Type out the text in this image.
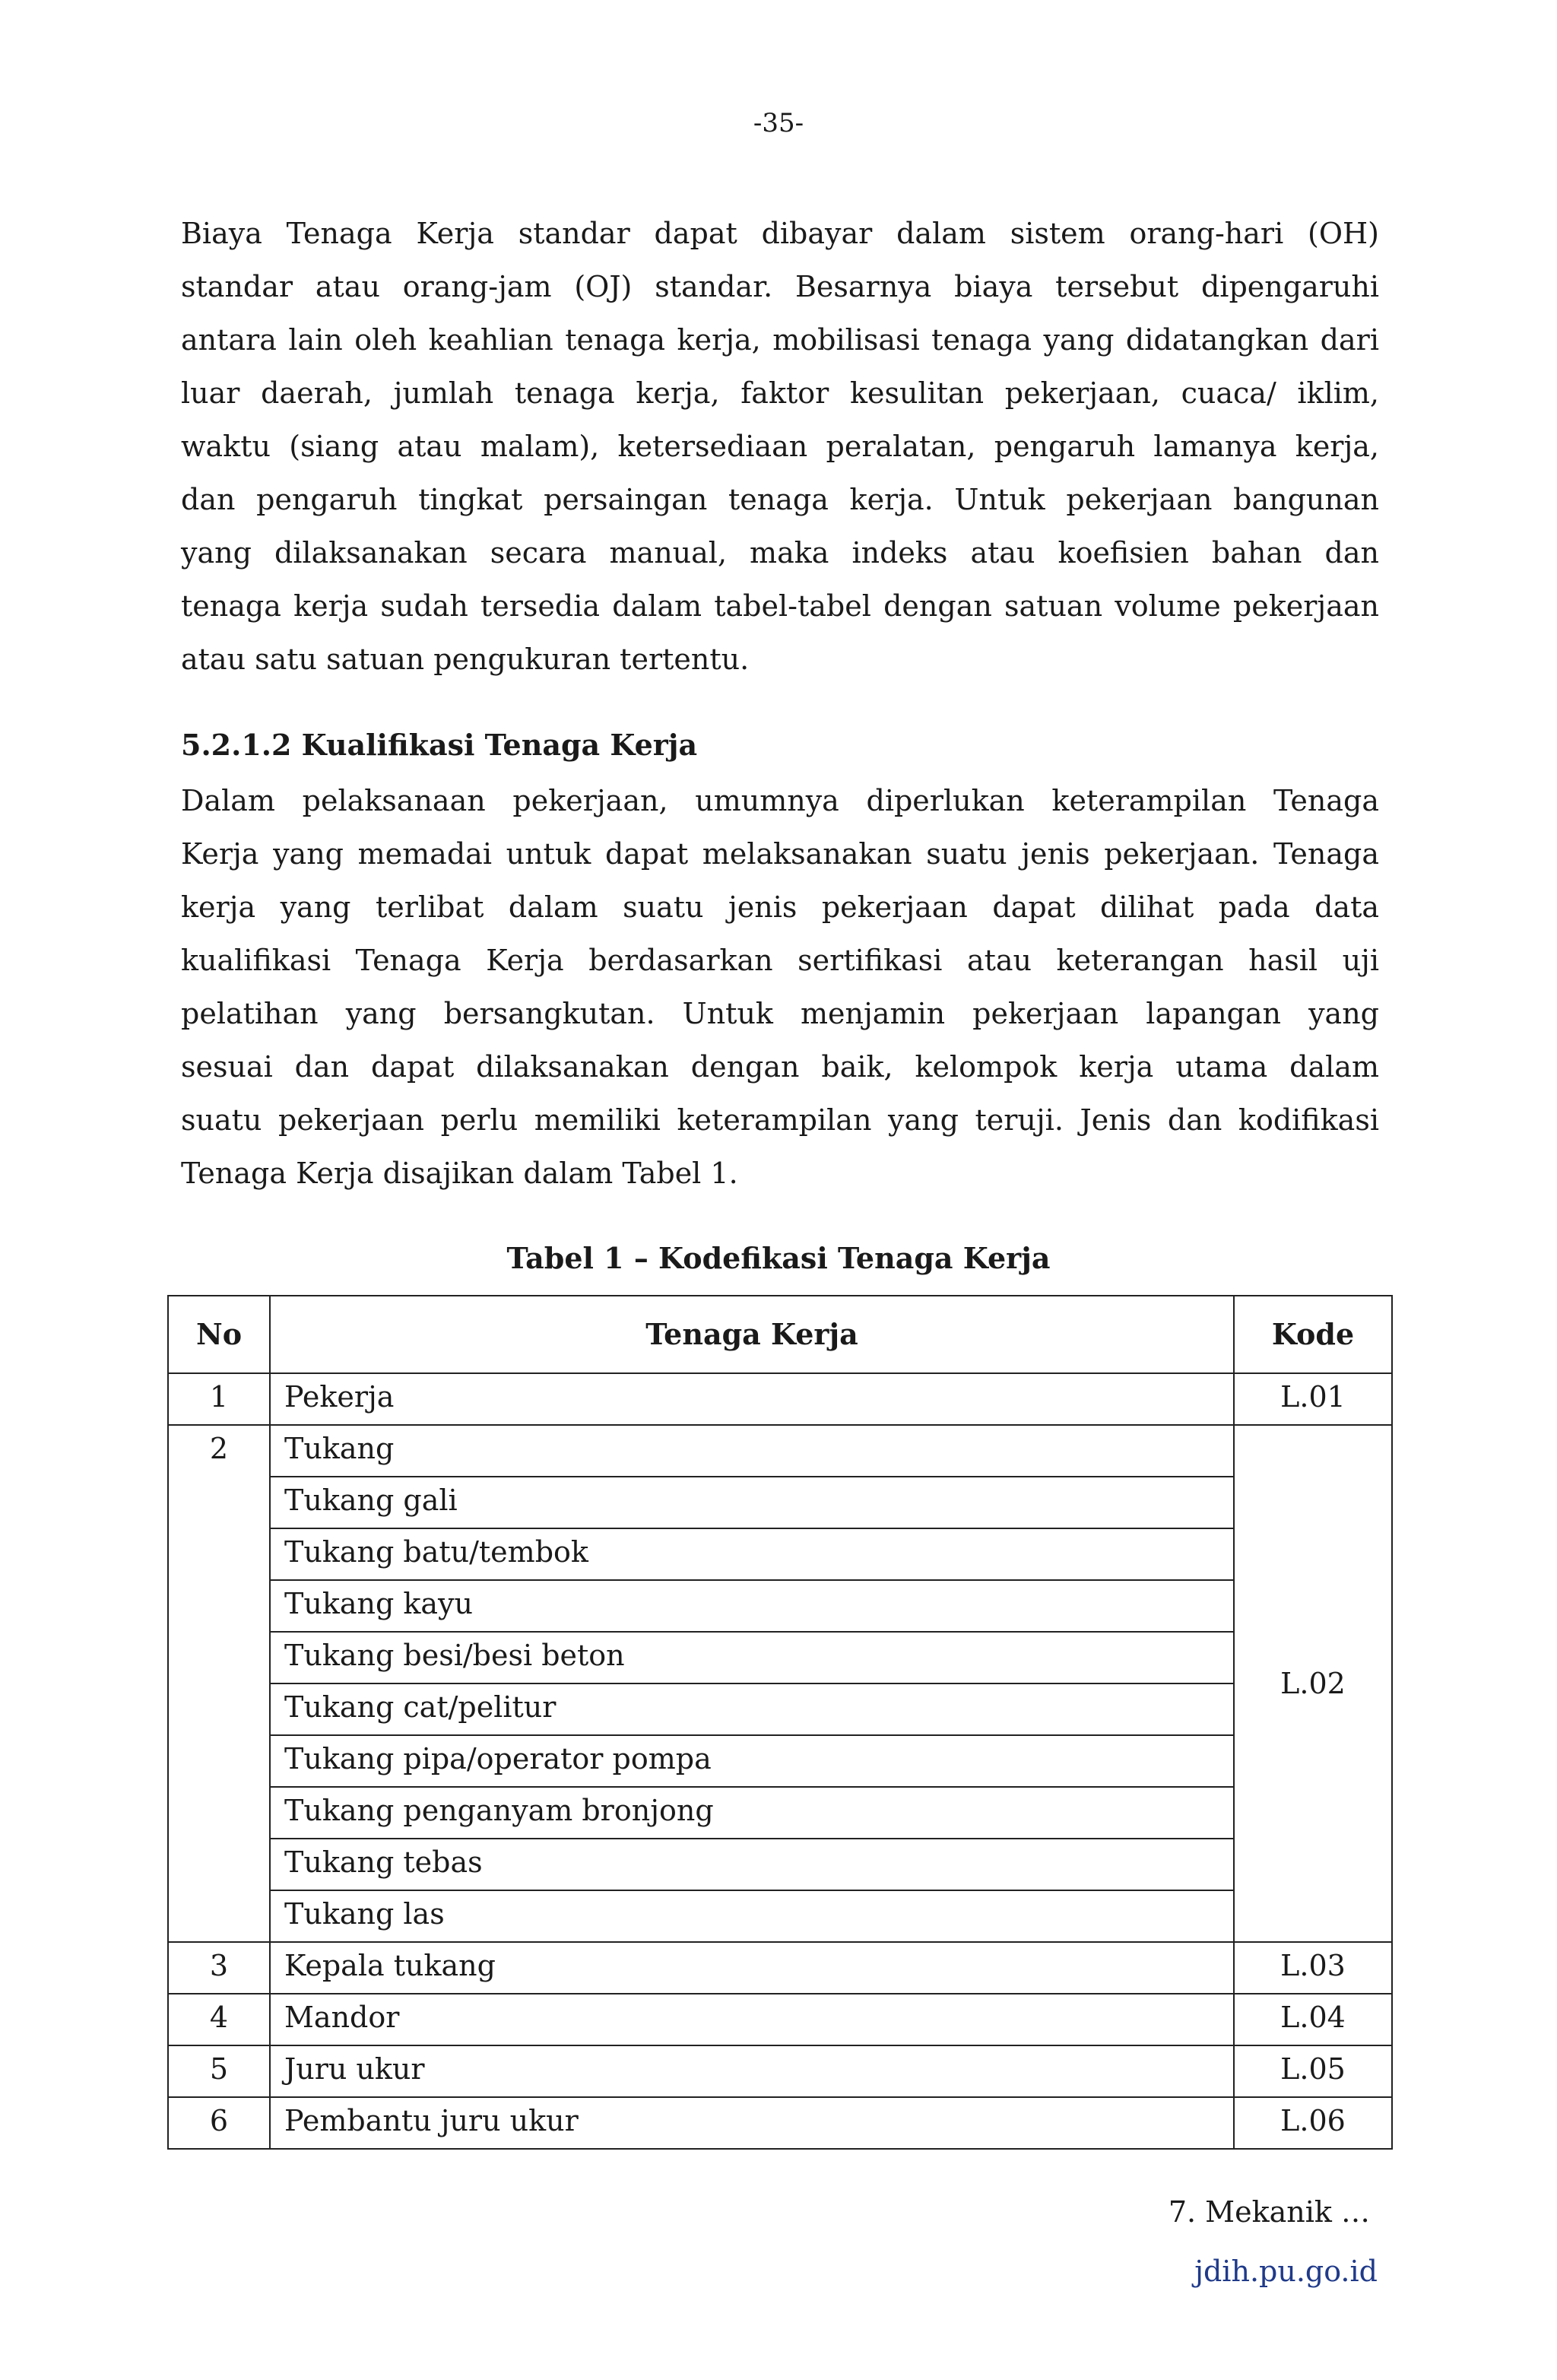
-35-
Biaya Tenaga Kerja standar dapat dibayar dalam sistem orang-hari (OH)
standar atau orang-jam (OJ) standar. Besarnya biaya tersebut dipengaruhi
antara lain oleh keahlian tenaga kerja, mobilisasi tenaga yang didatangkan dari
luar daerah, jumlah tenaga kerja, faktor kesulitan pekerjaan, cuaca/ iklim,
waktu (siang atau malam), ketersediaan peralatan, pengaruh lamanya kerja,
dan pengaruh tingkat persaingan tenaga kerja. Untuk pekerjaan bangunan
yang dilaksanakan secara manual, maka indeks atau koefisien bahan dan
tenaga kerja sudah tersedia dalam tabel-tabel dengan satuan volume pekerjaan
atau satu satuan pengukuran tertentu.
5.2.1.2 Kualifikasi Tenaga Kerja
Dalam pelaksanaan pekerjaan, umumnya diperlukan keterampilan Tenaga
Kerja yang memadai untuk dapat melaksanakan suatu jenis pekerjaan. Tenaga
kerja yang terlibat dalam suatu jenis pekerjaan dapat dilihat pada data
kualifikasi Tenaga Kerja berdasarkan sertifikasi atau keterangan hasil uji
pelatihan yang bersangkutan. Untuk menjamin pekerjaan lapangan yang
sesuai dan dapat dilaksanakan dengan baik, kelompok kerja utama dalam
suatu pekerjaan perlu memiliki keterampilan yang teruji. Jenis dan kodifikasi
Tenaga Kerja disajikan dalam Tabel 1.
Tabel 1 – Kodefikasi Tenaga Kerja
No	Tenaga Kerja	Kode
1	Pekerja	L.01
2	Tukang	L.02
	Tukang gali	
	Tukang batu/tembok	
	Tukang kayu	
	Tukang besi/besi beton	
	Tukang cat/pelitur	
	Tukang pipa/operator pompa	
	Tukang penganyam bronjong	
	Tukang tebas	
	Tukang las	
3	Kepala tukang	L.03
4	Mandor	L.04
5	Juru ukur	L.05
6	Pembantu juru ukur	L.06
7. Mekanik …
jdih.pu.go.id
